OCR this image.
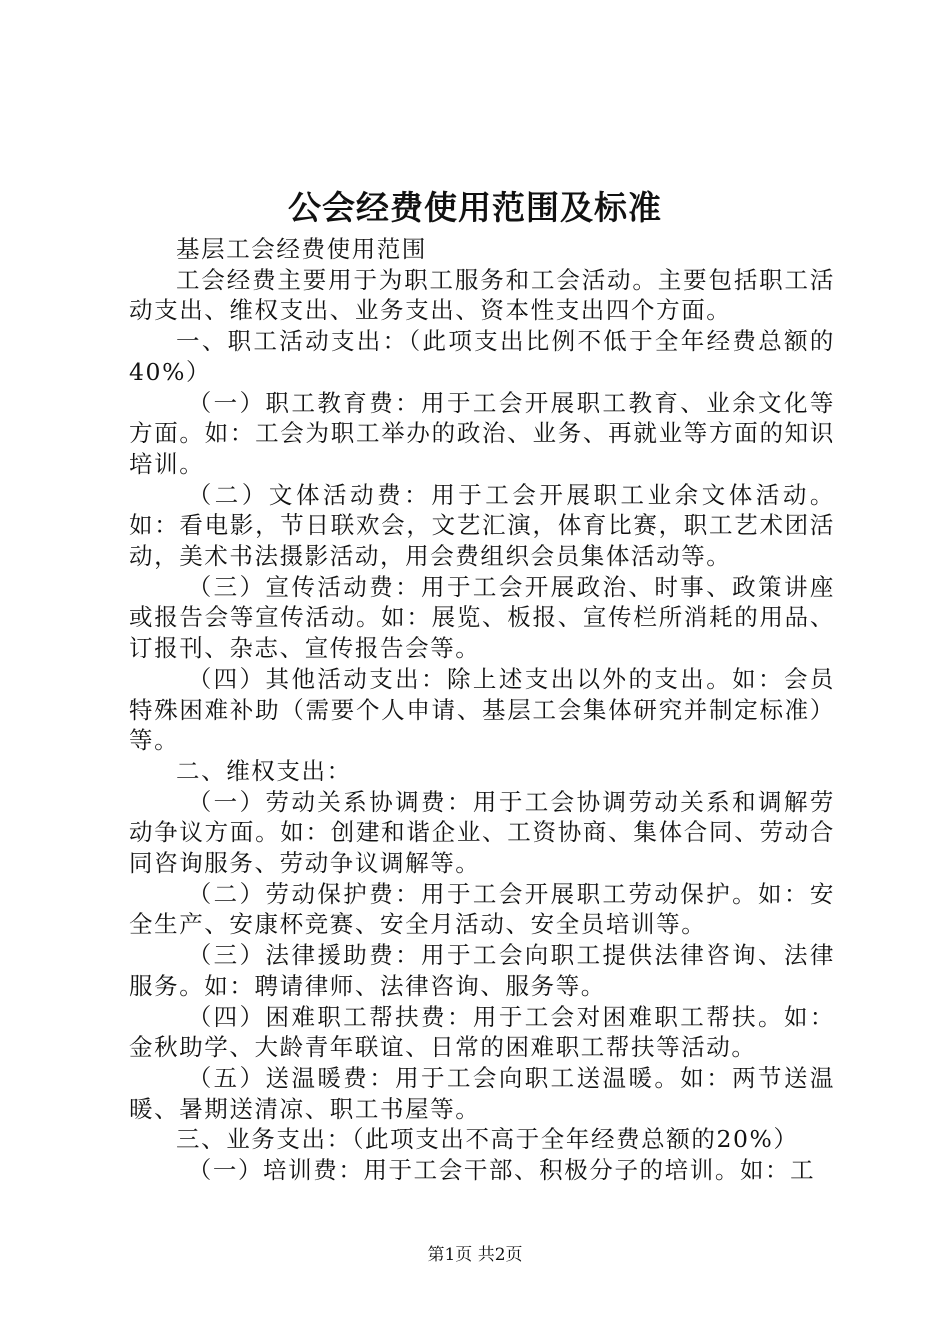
公会经费使用范围及标准

基层工会经费使用范围

工会经费主要用于为职工服务和工会活动。主要包括职工活动支出、维权支出、业务支出、资本性支出四个方面。

一、职工活动支出：（此项支出比例不低于全年经费总额的40%）

（一）职工教育费：用于工会开展职工教育、业余文化等方面。如：工会为职工举办的政治、业务、再就业等方面的知识培训。

（二）文体活动费：用于工会开展职工业余文体活动。如：看电影，节日联欢会，文艺汇演，体育比赛，职工艺术团活动，美术书法摄影活动，用会费组织会员集体活动等。

（三）宣传活动费：用于工会开展政治、时事、政策讲座或报告会等宣传活动。如：展览、板报、宣传栏所消耗的用品、订报刊、杂志、宣传报告会等。

（四）其他活动支出：除上述支出以外的支出。如：会员特殊困难补助（需要个人申请、基层工会集体研究并制定标准）等。

二、维权支出：

（一）劳动关系协调费：用于工会协调劳动关系和调解劳动争议方面。如：创建和谐企业、工资协商、集体合同、劳动合同咨询服务、劳动争议调解等。

（二）劳动保护费：用于工会开展职工劳动保护。如：安全生产、安康杯竞赛、安全月活动、安全员培训等。

（三）法律援助费：用于工会向职工提供法律咨询、法律服务。如：聘请律师、法律咨询、服务等。

（四）困难职工帮扶费：用于工会对困难职工帮扶。如：金秋助学、大龄青年联谊、日常的困难职工帮扶等活动。

（五）送温暖费：用于工会向职工送温暖。如：两节送温暖、暑期送清凉、职工书屋等。

三、业务支出：（此项支出不高于全年经费总额的20%）

（一）培训费：用于工会干部、积极分子的培训。如：工

第1页 共2页
